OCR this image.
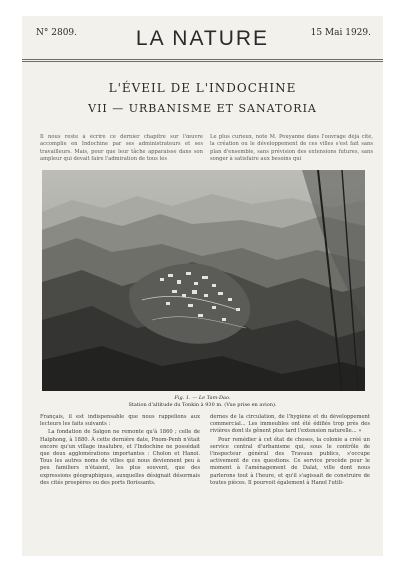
N° 2809.	LA NATURE	15 Mai 1929.
L'ÉVEIL DE L'INDOCHINE
VII — URBANISME ET SANATORIA

Il nous reste à écrire ce dernier chapitre sur l'œuvre accomplie en Indochine par ses administrateurs et ses travailleurs. Mais, pour que leur tâche apparaisse dans son ampleur qui devait faire l'admiration de tous les

Le plus curieux, note M. Pouyanne dans l'ouvrage déjà cité, la création ou le développement de ces villes s'est fait sans plan d'ensemble, sans prévision des extensions futures, sans songer à satisfaire aux besoins qui

Fig. 1. — Le Tam-Dao.

Station d'altitude du Tonkin à 930 m. (Vue prise en avion).

Français, il est indispensable que nous rappelions aux lecteurs les faits suivants :

La fondation de Saïgon ne remonte qu'à 1860 ; celle de Haïphong, à 1880. À cette dernière date, Pnom-Penh n'était encore qu'un village insalubre, et l'Indochine ne possédait que deux agglomérations importantes : Cholon et Hanoï. Tous les autres noms de villes qui nous deviennent peu à peu familiers n'étaient, les plus souvent, que des expressions géographiques, auxquelles désignait désormais des cités prospères ou des ports florissants.

dernes de la circulation, de l'hygiène et du développement commercial... Les immeubles ont été édifiés trop près des rivières dont ils gênent plus tard l'extension naturelle... »

Pour remédier à cet état de choses, la colonie a créé un service central d'urbanisme qui, sous le contrôle de l'inspecteur général des Travaux publics, s'occupe activement de ces questions. Ce service procède pour le moment à l'aménagement de Dalat, ville dont nous parlerons tout à l'heure, et qu'il s'agissait de construire de toutes pièces. Il pourvoit également à Hanoï l'utili-
